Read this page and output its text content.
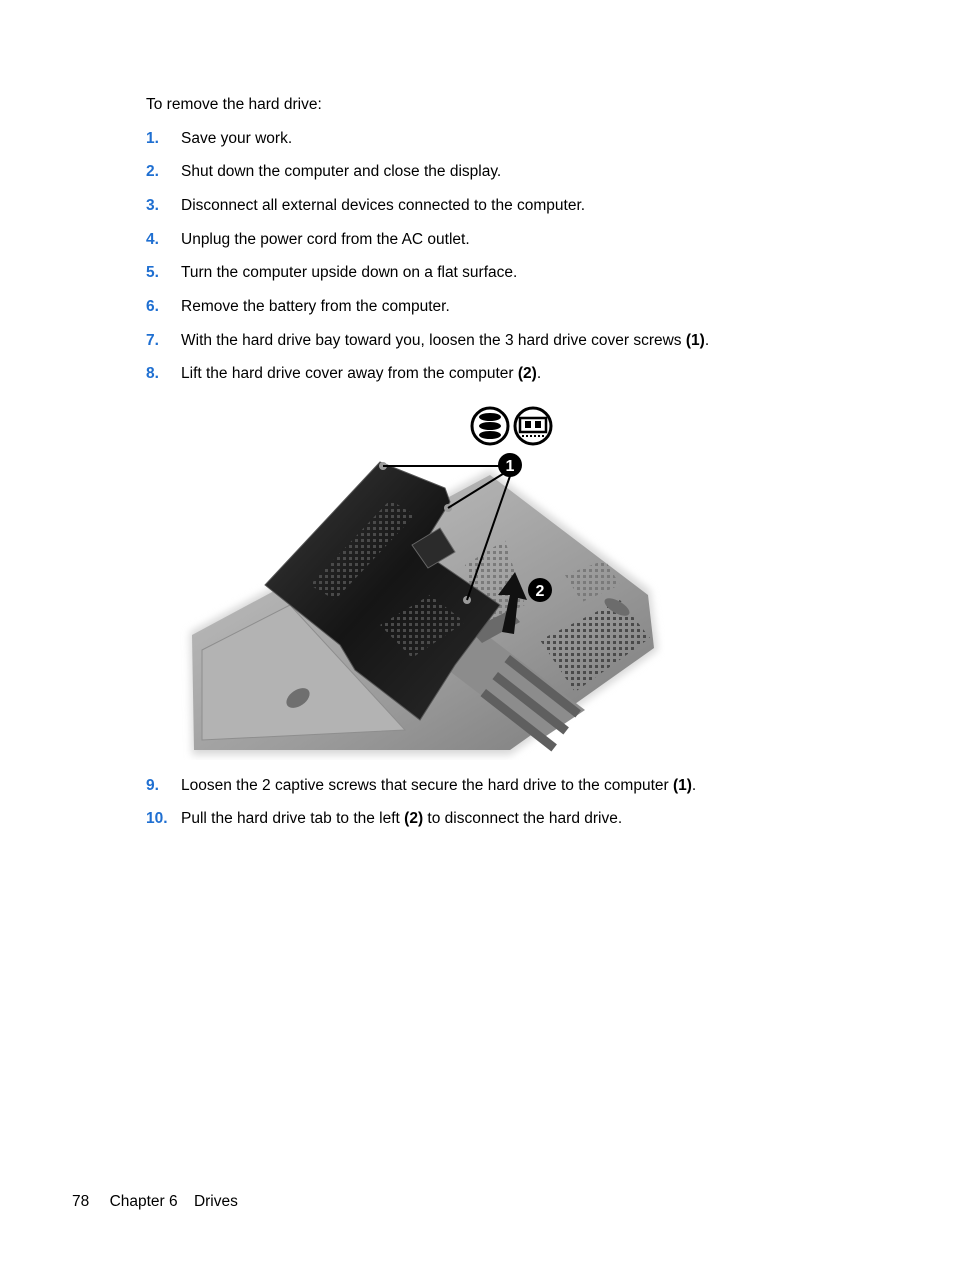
To remove the hard drive:
1. Save your work.
2. Shut down the computer and close the display.
3. Disconnect all external devices connected to the computer.
4. Unplug the power cord from the AC outlet.
5. Turn the computer upside down on a flat surface.
6. Remove the battery from the computer.
7. With the hard drive bay toward you, loosen the 3 hard drive cover screws (1).
8. Lift the hard drive cover away from the computer (2).
1
2
9. Loosen the 2 captive screws that secure the hard drive to the computer (1).
10. Pull the hard drive tab to the left (2) to disconnect the hard drive.
78 Chapter 6 Drives
